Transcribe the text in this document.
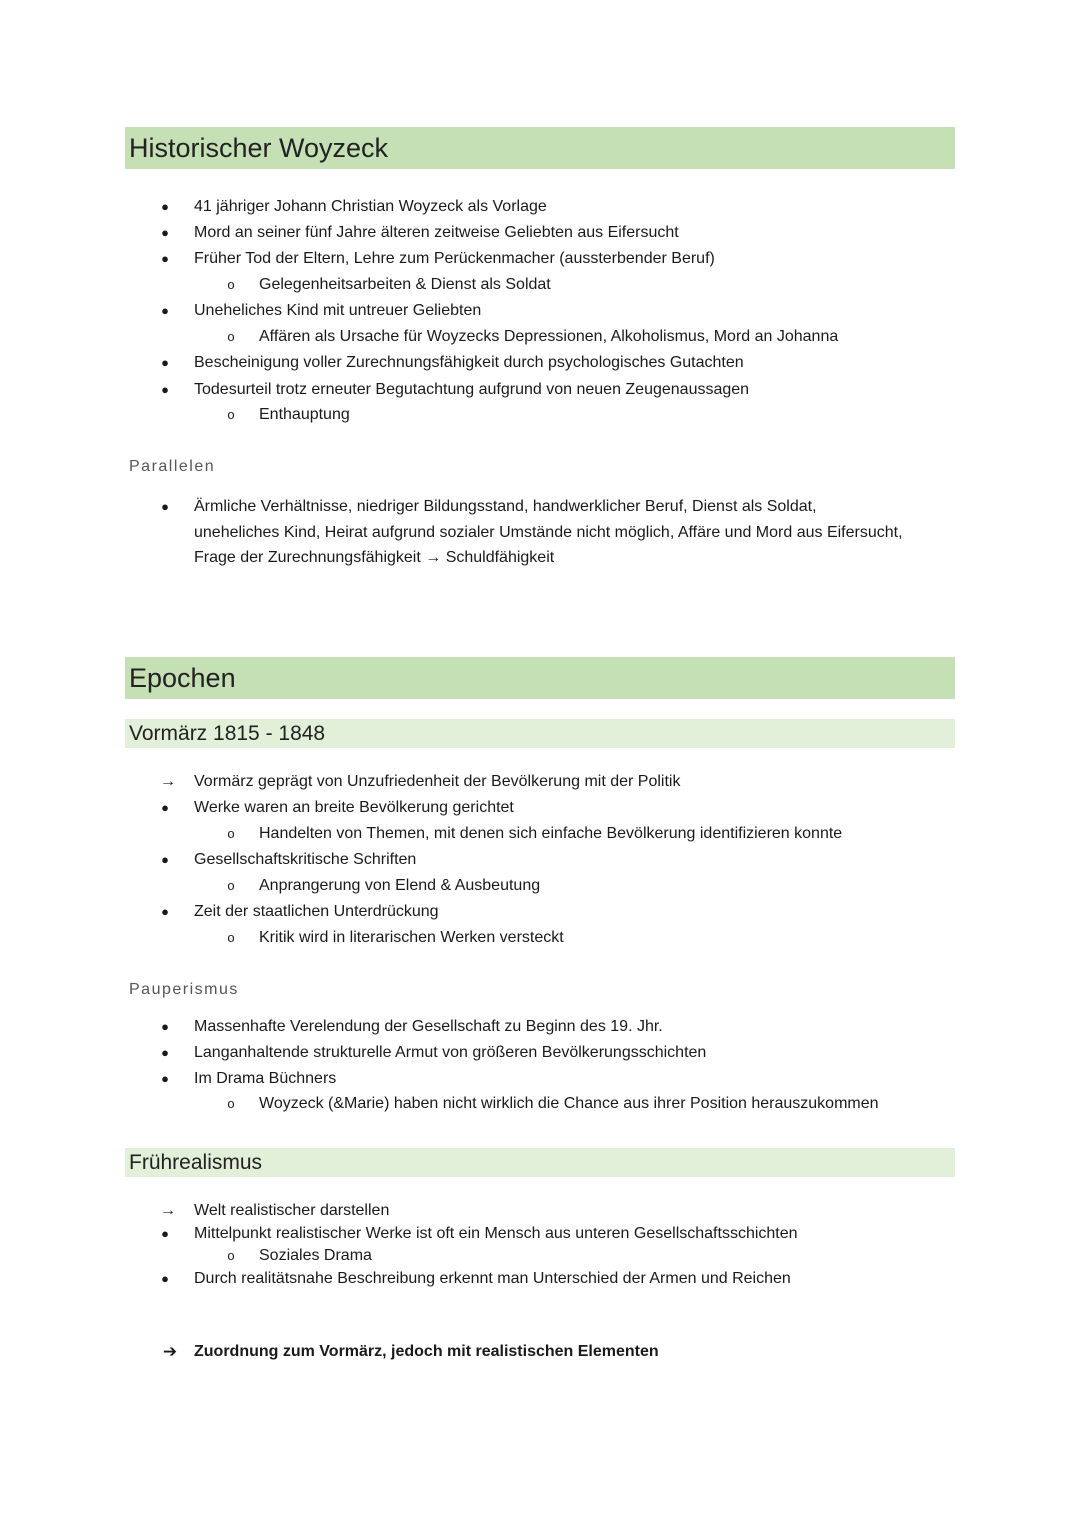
Historischer Woyzeck
●	41 jähriger Johann Christian Woyzeck als Vorlage
●	Mord an seiner fünf Jahre älteren zeitweise Geliebten aus Eifersucht
●	Früher Tod der Eltern, Lehre zum Perückenmacher (aussterbender Beruf)
o	Gelegenheitsarbeiten & Dienst als Soldat
●	Uneheliches Kind mit untreuer Geliebten
o	Affären als Ursache für Woyzecks Depressionen, Alkoholismus, Mord an Johanna
●	Bescheinigung voller Zurechnungsfähigkeit durch psychologisches Gutachten
●	Todesurteil trotz erneuter Begutachtung aufgrund von neuen Zeugenaussagen
o	Enthauptung
Parallelen
●	Ärmliche Verhältnisse, niedriger Bildungsstand, handwerklicher Beruf, Dienst als Soldat,
uneheliches Kind, Heirat aufgrund sozialer Umstände nicht möglich, Affäre und Mord aus Eifersucht,
Frage der Zurechnungsfähigkeit → Schuldfähigkeit
Epochen
Vormärz 1815 - 1848
→ Vormärz geprägt von Unzufriedenheit der Bevölkerung mit der Politik
●	Werke waren an breite Bevölkerung gerichtet
o	Handelten von Themen, mit denen sich einfache Bevölkerung identifizieren konnte
●	Gesellschaftskritische Schriften
o	Anprangerung von Elend & Ausbeutung
●	Zeit der staatlichen Unterdrückung
o	Kritik wird in literarischen Werken versteckt
Pauperismus
●	Massenhafte Verelendung der Gesellschaft zu Beginn des 19. Jhr.
●	Langanhaltende strukturelle Armut von größeren Bevölkerungsschichten
●	Im Drama Büchners
o	Woyzeck (&Marie) haben nicht wirklich die Chance aus ihrer Position herauszukommen
Frührealismus
→ Welt realistischer darstellen
●	Mittelpunkt realistischer Werke ist oft ein Mensch aus unteren Gesellschaftsschichten
o	Soziales Drama
●	Durch realitätsnahe Beschreibung erkennt man Unterschied der Armen und Reichen
➔ Zuordnung zum Vormärz, jedoch mit realistischen Elementen
